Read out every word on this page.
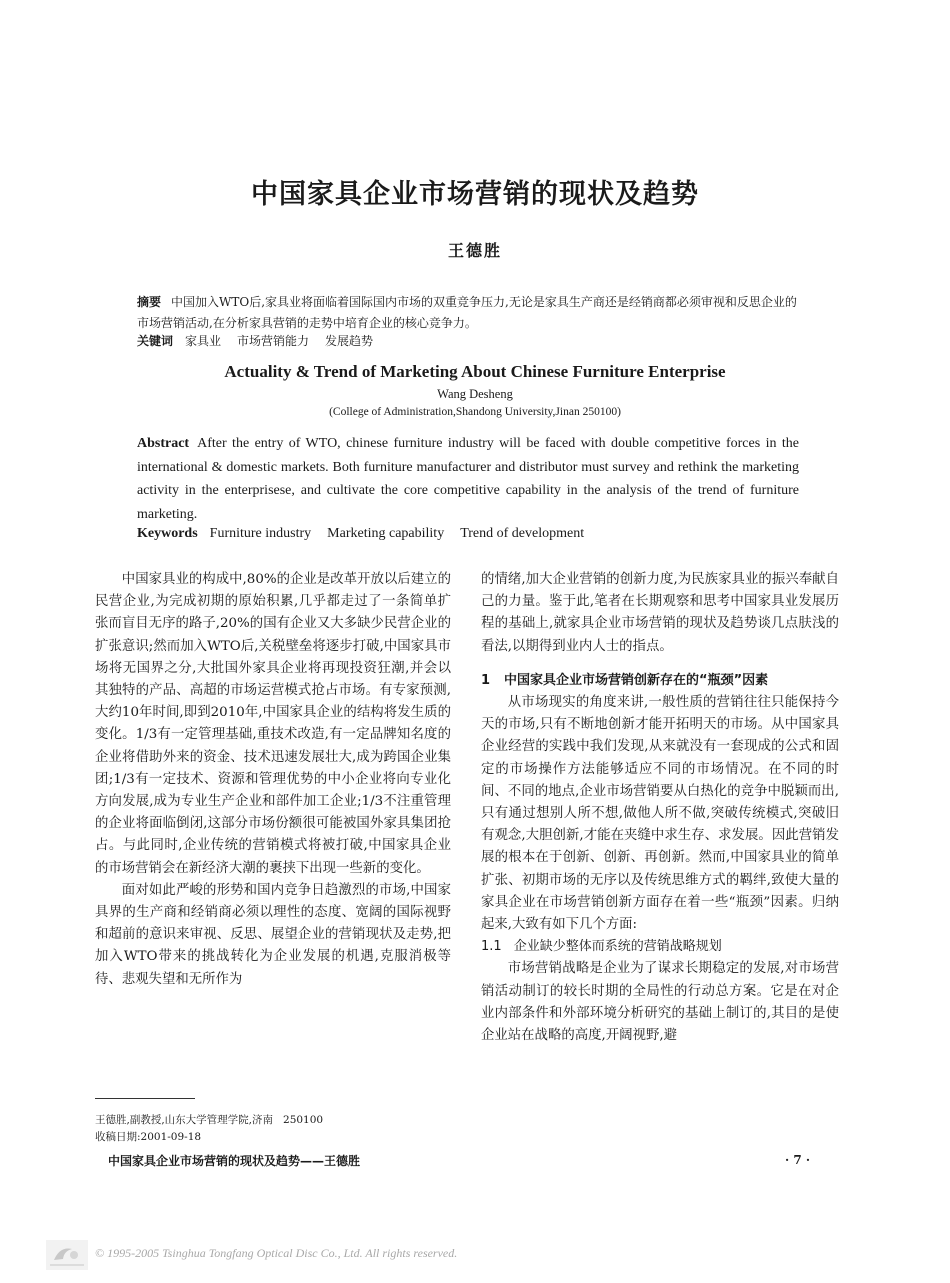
中国家具企业市场营销的现状及趋势
王德胜
摘要 中国加入WTO后,家具业将面临着国际国内市场的双重竞争压力,无论是家具生产商还是经销商都必须审视和反思企业的市场营销活动,在分析家具营销的走势中培育企业的核心竞争力。
关键词 家具业 市场营销能力 发展趋势
Actuality & Trend of Marketing About Chinese Furniture Enterprise
Wang Desheng
(College of Administration,Shandong University,Jinan 250100)
Abstract After the entry of WTO, chinese furniture industry will be faced with double competitive forces in the international & domestic markets. Both furniture manufacturer and distributor must survey and rethink the marketing activity in the enterprisese, and cultivate the core competitive capability in the analysis of the trend of furniture marketing.
Keywords Furniture industry Marketing capability Trend of development

中国家具业的构成中,80%的企业是改革开放以后建立的民营企业,为完成初期的原始积累,几乎都走过了一条简单扩张而盲目无序的路子,20%的国有企业又大多缺少民营企业的扩张意识;然而加入WTO后,关税壁垒将逐步打破,中国家具市场将无国界之分,大批国外家具企业将再现投资狂潮,并会以其独特的产品、高超的市场运营模式抢占市场。有专家预测,大约10年时间,即到2010年,中国家具企业的结构将发生质的变化。1/3有一定管理基础,重技术改造,有一定品牌知名度的企业将借助外来的资金、技术迅速发展壮大,成为跨国企业集团;1/3有一定技术、资源和管理优势的中小企业将向专业化方向发展,成为专业生产企业和部件加工企业;1/3不注重管理的企业将面临倒闭,这部分市场份额很可能被国外家具集团抢占。与此同时,企业传统的营销模式将被打破,中国家具企业的市场营销会在新经济大潮的裹挟下出现一些新的变化。

面对如此严峻的形势和国内竞争日趋激烈的市场,中国家具界的生产商和经销商必须以理性的态度、宽阔的国际视野和超前的意识来审视、反思、展望企业的营销现状及走势,把加入WTO带来的挑战转化为企业发展的机遇,克服消极等待、悲观失望和无所作为

的情绪,加大企业营销的创新力度,为民族家具业的振兴奉献自己的力量。鉴于此,笔者在长期观察和思考中国家具业发展历程的基础上,就家具企业市场营销的现状及趋势谈几点肤浅的看法,以期得到业内人士的指点。

1 中国家具企业市场营销创新存在的“瓶颈”因素

从市场现实的角度来讲,一般性质的营销往往只能保持今天的市场,只有不断地创新才能开拓明天的市场。从中国家具企业经营的实践中我们发现,从来就没有一套现成的公式和固定的市场操作方法能够适应不同的市场情况。在不同的时间、不同的地点,企业市场营销要从白热化的竞争中脱颖而出,只有通过想别人所不想,做他人所不做,突破传统模式,突破旧有观念,大胆创新,才能在夹缝中求生存、求发展。因此营销发展的根本在于创新、创新、再创新。然而,中国家具业的简单扩张、初期市场的无序以及传统思维方式的羁绊,致使大量的家具企业在市场营销创新方面存在着一些“瓶颈”因素。归纳起来,大致有如下几个方面:

1.1 企业缺少整体而系统的营销战略规划

市场营销战略是企业为了谋求长期稳定的发展,对市场营销活动制订的较长时期的全局性的行动总方案。它是在对企业内部条件和外部环境分析研究的基础上制订的,其目的是使企业站在战略的高度,开阔视野,避

王德胜,副教授,山东大学管理学院,济南 250100
收稿日期:2001-09-18
中国家具企业市场营销的现状及趋势——王德胜	· 7 ·
© 1995-2005 Tsinghua Tongfang Optical Disc Co., Ltd. All rights reserved.
